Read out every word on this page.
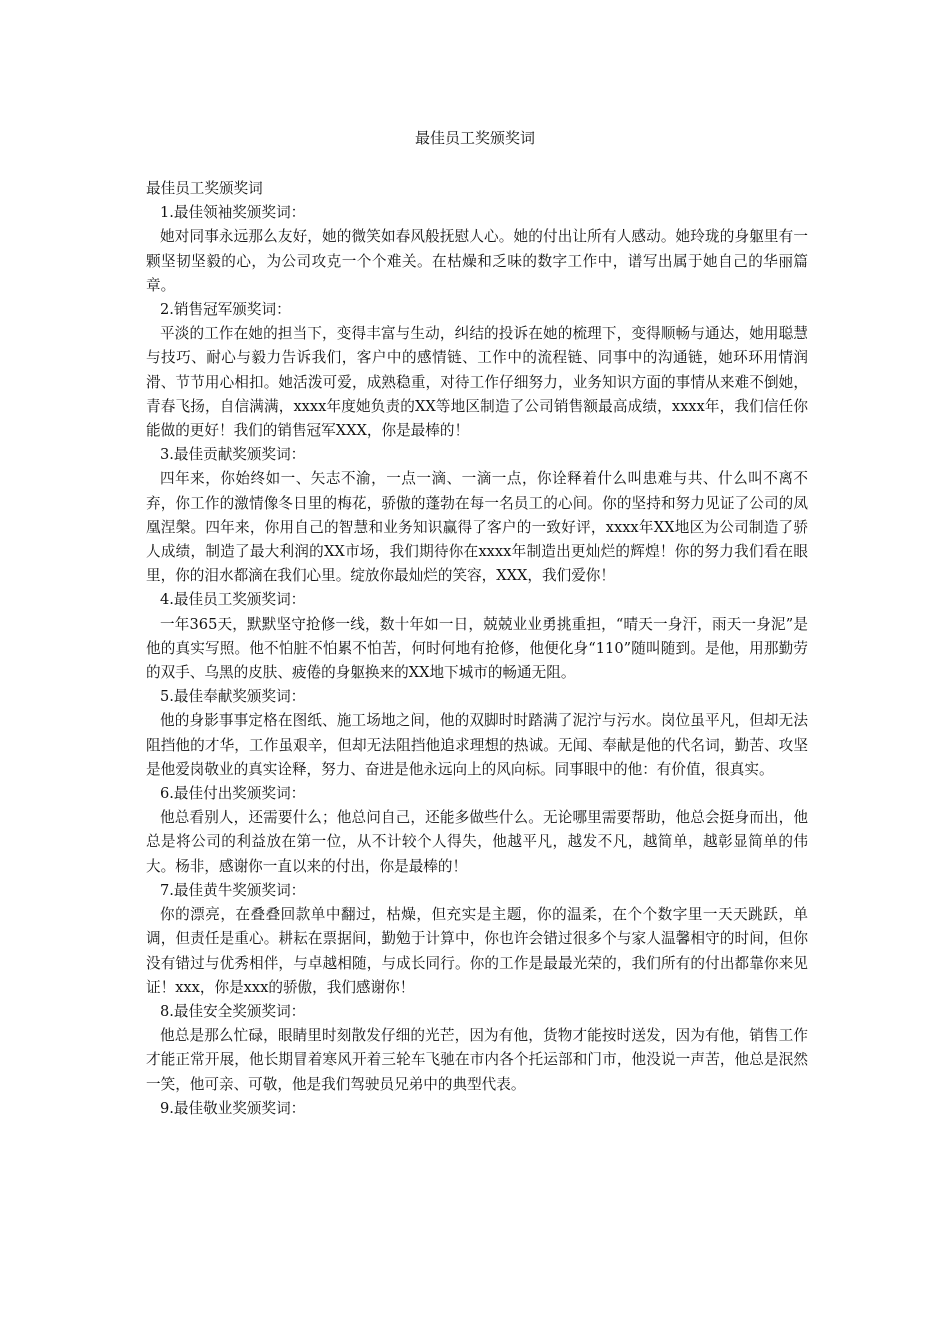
最佳员工奖颁奖词

最佳员工奖颁奖词

1.最佳领袖奖颁奖词：

她对同事永远那么友好，她的微笑如春风般抚慰人心。她的付出让所有人感动。她玲珑的身躯里有一颗坚韧坚毅的心，为公司攻克一个个难关。在枯燥和乏味的数字工作中，谱写出属于她自己的华丽篇章。

2.销售冠军颁奖词：

平淡的工作在她的担当下，变得丰富与生动，纠结的投诉在她的梳理下，变得顺畅与通达，她用聪慧与技巧、耐心与毅力告诉我们，客户中的感情链、工作中的流程链、同事中的沟通链，她环环用情润滑、节节用心相扣。她活泼可爱，成熟稳重，对待工作仔细努力，业务知识方面的事情从来难不倒她，青春飞扬，自信满满，xxxx年度她负责的XX等地区制造了公司销售额最高成绩，xxxx年，我们信任你能做的更好！我们的销售冠军XXX，你是最棒的！

3.最佳贡献奖颁奖词：

四年来，你始终如一、矢志不渝，一点一滴、一滴一点，你诠释着什么叫患难与共、什么叫不离不弃，你工作的激情像冬日里的梅花，骄傲的蓬勃在每一名员工的心间。你的坚持和努力见证了公司的凤凰涅槃。四年来，你用自己的智慧和业务知识赢得了客户的一致好评，xxxx年XX地区为公司制造了骄人成绩，制造了最大利润的XX市场，我们期待你在xxxx年制造出更灿烂的辉煌！你的努力我们看在眼里，你的泪水都滴在我们心里。绽放你最灿烂的笑容，XXX，我们爱你！

4.最佳员工奖颁奖词：

一年365天，默默坚守抢修一线，数十年如一日，兢兢业业勇挑重担，“晴天一身汗，雨天一身泥”是他的真实写照。他不怕脏不怕累不怕苦，何时何地有抢修，他便化身“110”随叫随到。是他，用那勤劳的双手、乌黑的皮肤、疲倦的身躯换来的XX地下城市的畅通无阻。

5.最佳奉献奖颁奖词：

他的身影事事定格在图纸、施工场地之间，他的双脚时时踏满了泥泞与污水。岗位虽平凡，但却无法阻挡他的才华，工作虽艰辛，但却无法阻挡他追求理想的热诚。无闻、奉献是他的代名词，勤苦、攻坚是他爱岗敬业的真实诠释，努力、奋进是他永远向上的风向标。同事眼中的他：有价值，很真实。

6.最佳付出奖颁奖词：

他总看别人，还需要什么；他总问自己，还能多做些什么。无论哪里需要帮助，他总会挺身而出，他总是将公司的利益放在第一位，从不计较个人得失，他越平凡，越发不凡，越简单，越彰显简单的伟大。杨非，感谢你一直以来的付出，你是最棒的！

7.最佳黄牛奖颁奖词：

你的漂亮，在叠叠回款单中翻过，枯燥，但充实是主题，你的温柔，在个个数字里一天天跳跃，单调，但责任是重心。耕耘在票据间，勤勉于计算中，你也许会错过很多个与家人温馨相守的时间，但你没有错过与优秀相伴，与卓越相随，与成长同行。你的工作是最最光荣的，我们所有的付出都靠你来见证！xxx，你是xxx的骄傲，我们感谢你！

8.最佳安全奖颁奖词：

他总是那么忙碌，眼睛里时刻散发仔细的光芒，因为有他，货物才能按时送发，因为有他，销售工作才能正常开展，他长期冒着寒风开着三轮车飞驰在市内各个托运部和门市，他没说一声苦，他总是泯然一笑，他可亲、可敬，他是我们驾驶员兄弟中的典型代表。

9.最佳敬业奖颁奖词：
